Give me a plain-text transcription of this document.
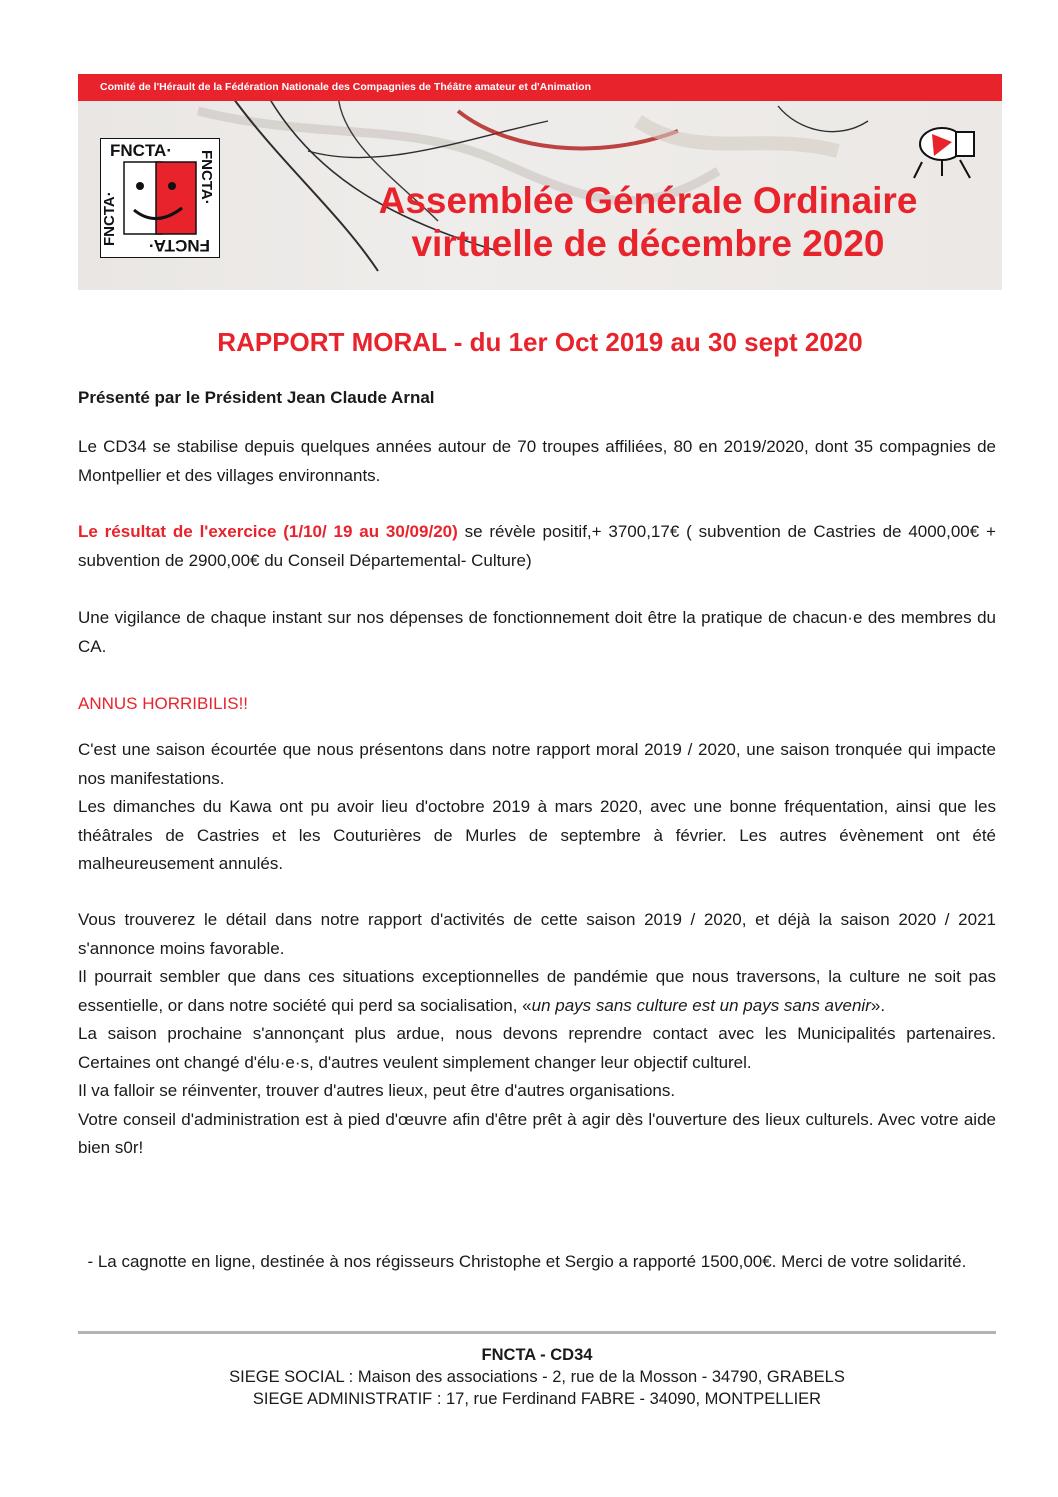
Comité de l'Hérault de la Fédération Nationale des Compagnies de Théâtre amateur et d'Animation
FNCTA·
FNCTA·
FNCTA·
FNCTA·	Assemblée Générale Ordinaire
virtuelle de décembre 2020
RAPPORT MORAL - du 1er Oct 2019 au 30 sept 2020
Présenté par le Président Jean Claude Arnal
Le CD34 se stabilise depuis quelques années autour de 70 troupes affiliées, 80 en 2019/2020, dont 35 compagnies de Montpellier et des villages environnants.
Le résultat de l'exercice (1/10/ 19 au 30/09/20) se révèle positif,+ 3700,17€ ( subvention de Castries de 4000,00€ + subvention de 2900,00€ du Conseil Départemental- Culture)
Une vigilance de chaque instant sur nos dépenses de fonctionnement doit être la pratique de chacun·e des membres du CA.
ANNUS HORRIBILIS!!
C'est une saison écourtée que nous présentons dans notre rapport moral 2019 / 2020, une saison tronquée qui impacte nos manifestations.
Les dimanches du Kawa ont pu avoir lieu d'octobre 2019 à mars 2020, avec une bonne fréquentation, ainsi que les théâtrales de Castries et les Couturières de Murles de septembre à février. Les autres évènement ont été malheureusement annulés.
Vous trouverez le détail dans notre rapport d'activités de cette saison 2019 / 2020, et déjà la saison 2020 / 2021 s'annonce moins favorable.
Il pourrait sembler que dans ces situations exceptionnelles de pandémie que nous traversons, la culture ne soit pas essentielle, or dans notre société qui perd sa socialisation, «un pays sans culture est un pays sans avenir».
La saison prochaine s'annonçant plus ardue, nous devons reprendre contact avec les Municipalités partenaires. Certaines ont changé d'élu·e·s, d'autres veulent simplement changer leur objectif culturel.
Il va falloir se réinventer, trouver d'autres lieux, peut être d'autres organisations.
Votre conseil d'administration est à pied d'œuvre afin d'être prêt à agir dès l'ouverture des lieux culturels. Avec votre aide bien s0r!
- La cagnotte en ligne, destinée à nos régisseurs Christophe et Sergio a rapporté 1500,00€. Merci de votre solidarité.
FNCTA - CD34
SIEGE SOCIAL : Maison des associations - 2, rue de la Mosson - 34790, GRABELS
SIEGE ADMINISTRATIF : 17, rue Ferdinand FABRE - 34090, MONTPELLIER
